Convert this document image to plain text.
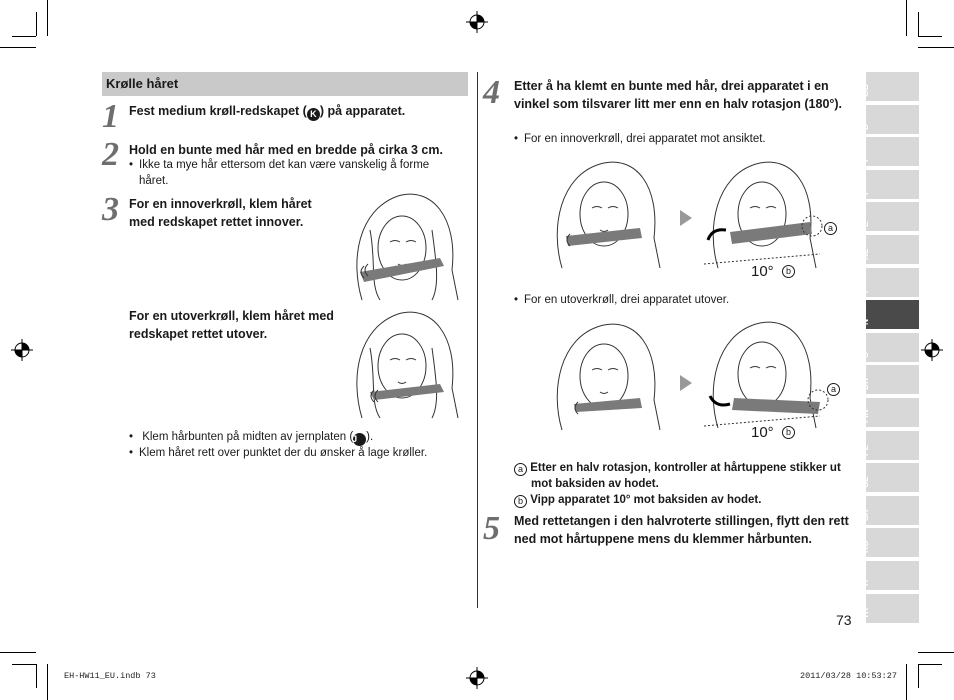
Krølle håret
1 Fest medium krøll-redskapet ( K ) på apparatet.
2 Hold en bunte med hår med en bredde på cirka 3 cm.
• Ikke ta mye hår ettersom det kan være vanskelig å forme håret.
3 For en innoverkrøll, klem håret med redskapet rettet innover.
For en utoverkrøll, klem håret med redskapet rettet utover.
• Klem hårbunten på midten av jernplaten (J ).
• Klem håret rett over punktet der du ønsker å lage krøller.
4 Etter å ha klemt en bunte med hår, drei apparatet i en vinkel som tilsvarer litt mer enn en halv rotasjon (180°).
• For en innoverkrøll, drei apparatet mot ansiktet.
a
10°	b
• For en utoverkrøll, drei apparatet utover.
a
10°	b
a Etter en halv rotasjon, kontroller at hårtuppene stikker ut mot baksiden av hodet.
b Vipp apparatet 10° mot baksiden av hodet.
5 Med rettetangen i den halvroterte stillingen, flytt den rett ned mot hårtuppene mens du klemmer hårbunten.
GB
D
F
I
E
NL
P
N
S
DK
FIN
PL
CZ
SK
RO
H
TR
73
EH-HW11_EU.indb 73	2011/03/28 10:53:27
